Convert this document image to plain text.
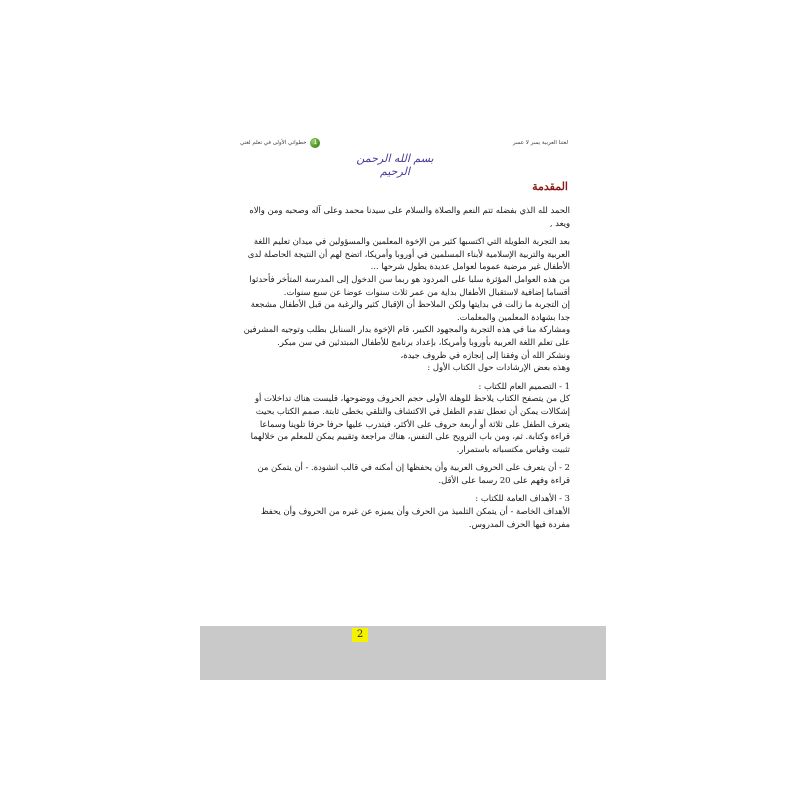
1
خطواتي الأولى في تعلم لغتي	لغتنا العربية يسر لا عسر
بسم الله الرحمن الرحيم
المقدمة

الحمد لله الذي بفضله تتم النعم والصلاة والسلام على سيدنا محمد وعلى آله وصحبه ومن والاه ويعد ,

بعد التجربة الطويلة التي اكتسبها كثير من الإخوة المعلمين والمسؤولين في ميدان تعليم اللغة العربية والتربية الإسلامية لأبناء المسلمين في أوروبا وأمريكا، اتضح لهم أن النتيجة الحاصلة لدى الأطفال غير مرضية عموما لعوامل عديدة يطول شرحها ...

من هذه العوامل المؤثرة سلبا على المردود هو ربما سن الدخول إلى المدرسة المتأخر فأحدثوا أقساما إضافية لاستقبال الأطفال بداية من عمر ثلاث سنوات عوضا عن سبع سنوات.

إن التجربة ما زالت في بدايتها ولكن الملاحظ أن الإقبال كثير والرغبة من قبل الأطفال مشجعة جدا بشهادة المعلمين والمعلمات.

ومشاركة منا في هذه التجربة والمجهود الكبير، قام الإخوة بدار السنابل بطلب وتوجيه المشرفين على تعلم اللغة العربية بأوروبا وأمريكا، بإعداد برنامج للأطفال المبتدئين في سن مبكر.

ونشكر الله أن وفقنا إلى إنجازه في ظروف جيدة،

وهذه بعض الإرشادات حول الكتاب الأول :

1 - التصميم العام للكتاب :

كل من يتصفح الكتاب يلاحظ للوهلة الأولى حجم الحروف ووضوحها، فليست هناك تداخلات أو إشكالات يمكن أن تعطل تقدم الطفل في الاكتشاف والتلقي بخطى ثابتة. صمم الكتاب بحيث يتعرف الطفل على ثلاثة أو أربعة حروف على الأكثر، فيتدرب عليها حرفا حرفا تلوينا وسماعا قراءة وكتابة. ثم، ومن باب الترويح على النفس، هناك مراجعة وتقييم يمكن للمعلم من خلالهما تثبيت وقياس مكتسباته باستمرار.

2 - أن يتعرف على الحروف العربية وأن يحفظها إن أمكنه في قالب انشودة. - أن يتمكن من قراءة وفهم على 20 رسما على الأقل.

3 - الأهداف العامة للكتاب :

الأهداف الخاصة - أن يتمكن التلميذ من الحرف وأن يميزه عن غيره من الحروف وأن يحفظ مفردة فيها الحرف المدروس.

2
